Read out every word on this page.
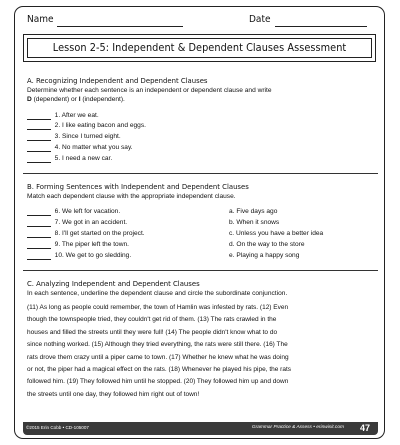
Name	Date
Lesson 2-5: Independent & Dependent Clauses Assessment
A. Recognizing Independent and Dependent Clauses
Determine whether each sentence is an independent or dependent clause and write
D (dependent) or I (independent).
1. After we eat.
2. I like eating bacon and eggs.
3. Since I turned eight.
4. No matter what you say.
5. I need a new car.
B. Forming Sentences with Independent and Dependent Clauses
Match each dependent clause with the appropriate independent clause.
6. We left for vacation.
7. We got in an accident.
8. I'll get started on the project.
9. The piper left the town.
10. We get to go sledding.
a. Five days ago
b. When it snows
c. Unless you have a better idea
d. On the way to the store
e. Playing a happy song
C. Analyzing Independent and Dependent Clauses
In each sentence, underline the dependent clause and circle the subordinate conjunction.
(11) As long as people could remember, the town of Hamlin was infested by rats. (12) Even
though the townspeople tried, they couldn't get rid of them. (13) The rats crawled in the
houses and filled the streets until they were full! (14) The people didn't know what to do
since nothing worked. (15) Although they tried everything, the rats were still there. (16) The
rats drove them crazy until a piper came to town. (17) Whether he knew what he was doing
or not, the piper had a magical effect on the rats. (18) Whenever he played his pipe, the rats
followed him. (19) They followed him until he stopped. (20) They followed him up and down
the streets until one day, they followed him right out of town!
©2015 Erin Cobb • CD-105007	Grammar Practice & Assess • erinwisit.com 47
